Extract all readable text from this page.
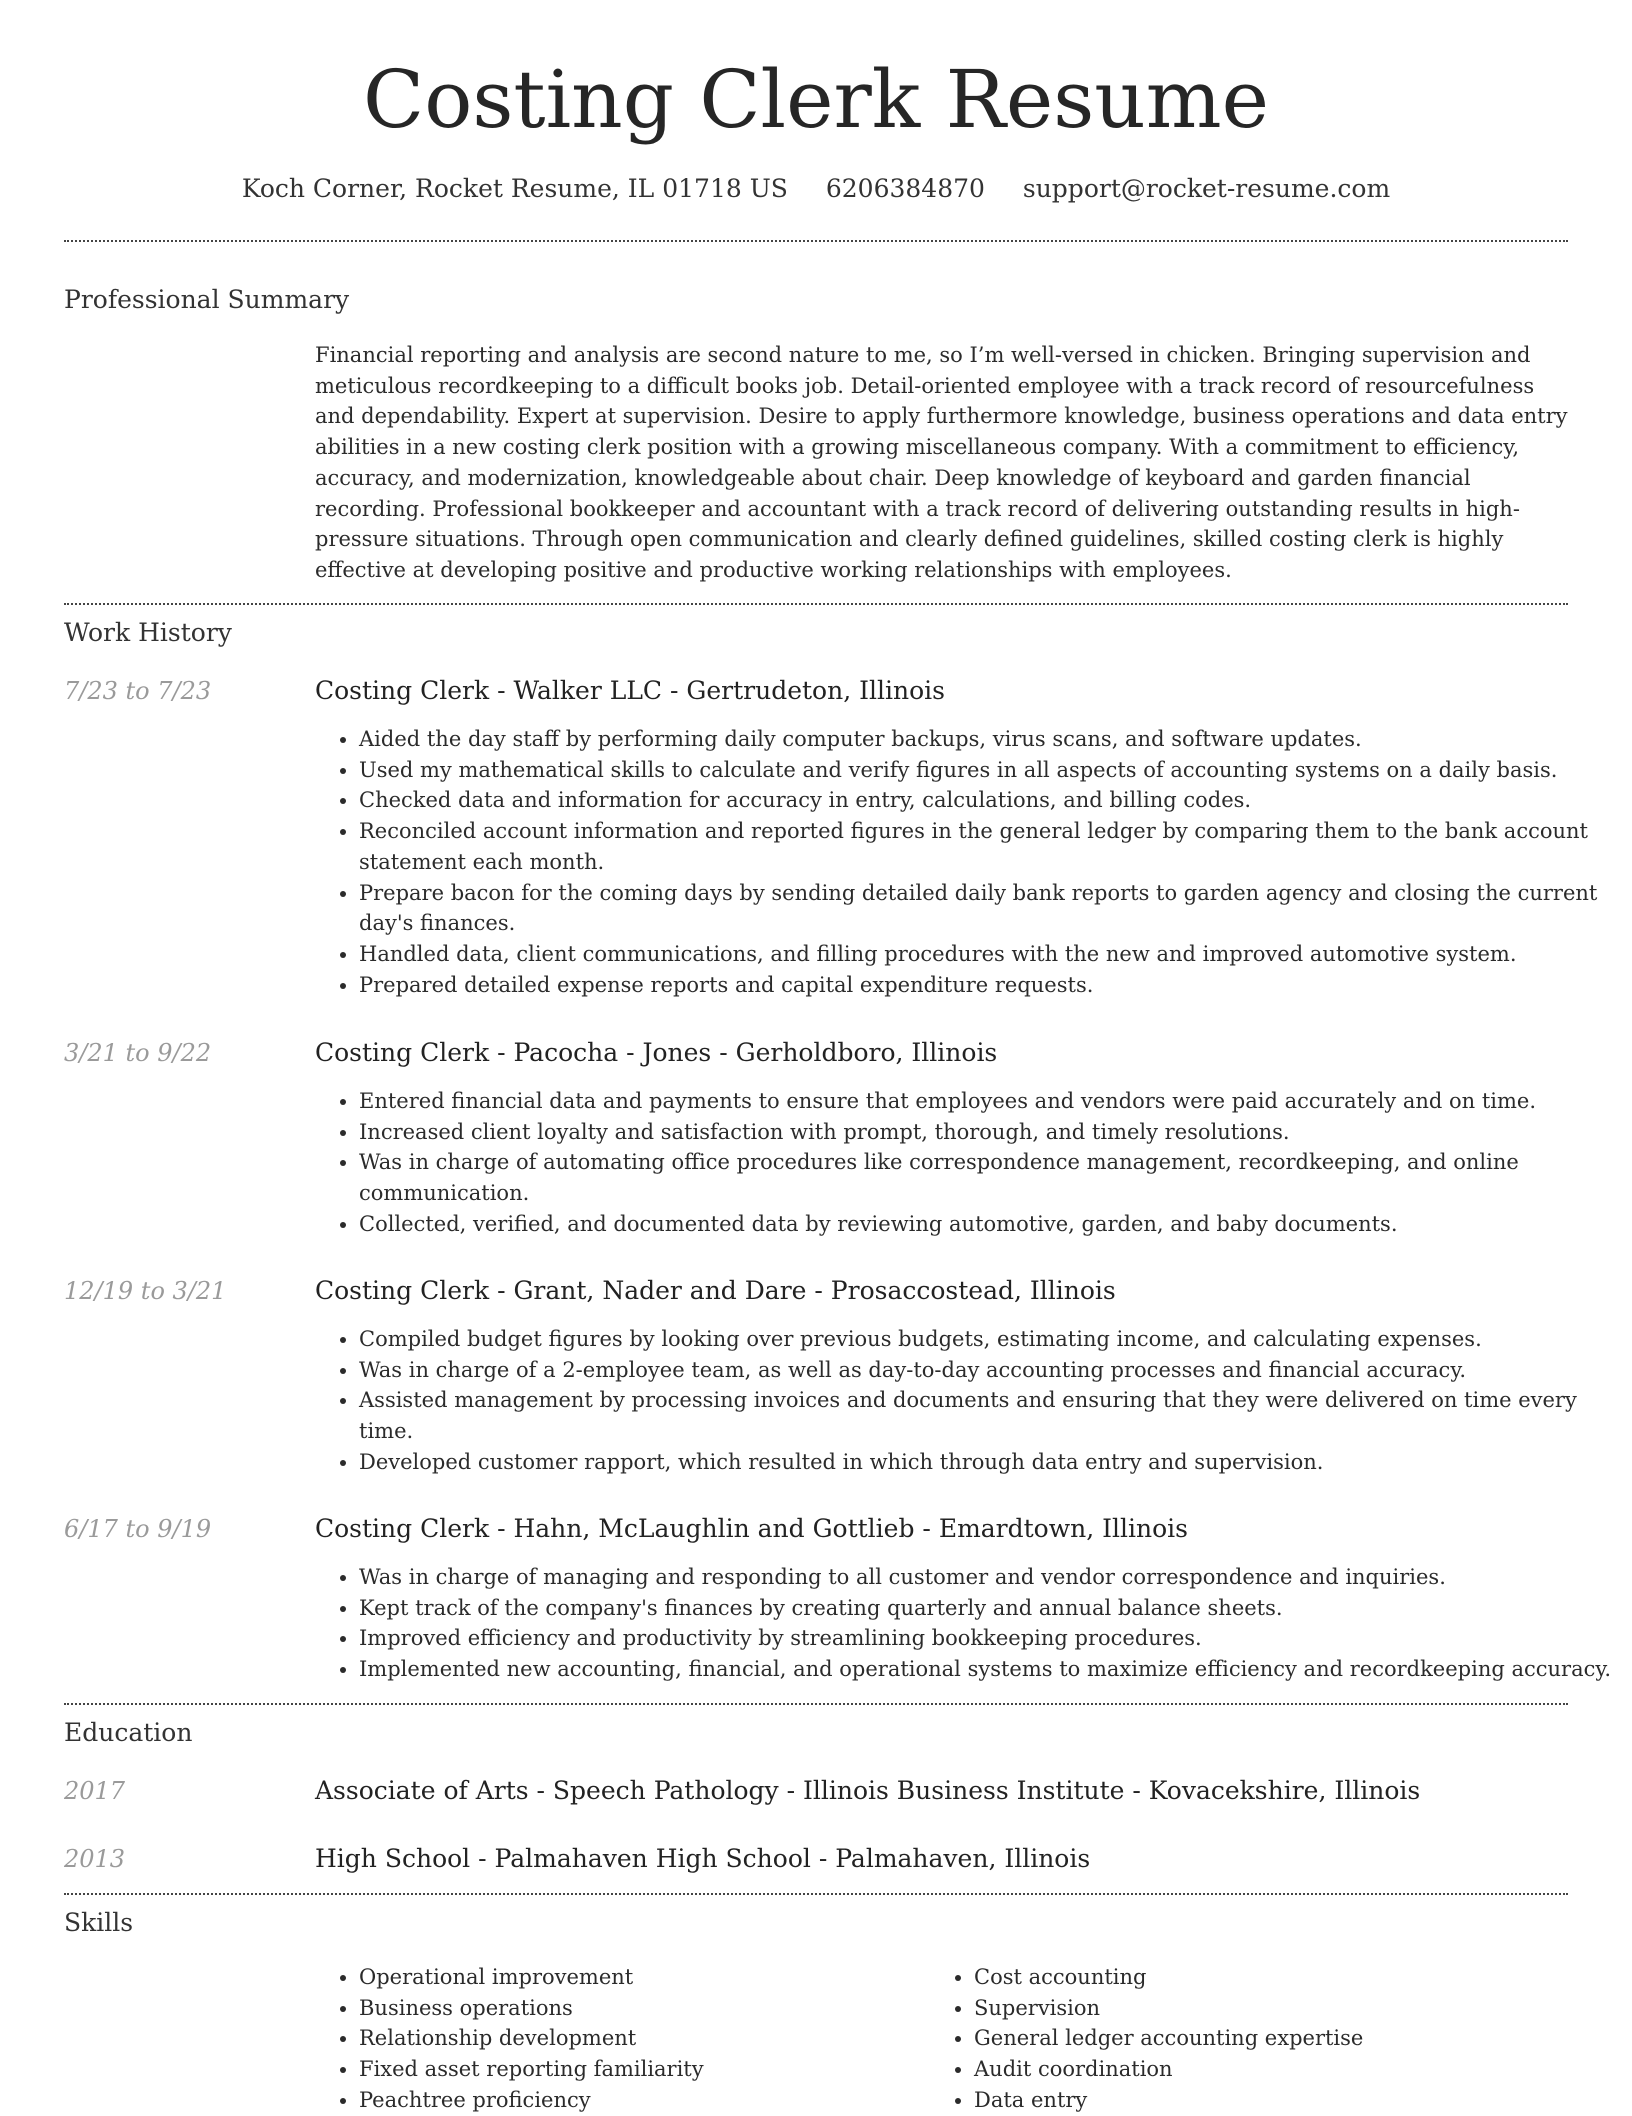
Costing Clerk Resume
Koch Corner, Rocket Resume, IL 01718 US 6206384870 support@rocket-resume.com
Professional Summary
Financial reporting and analysis are second nature to me, so I’m well-versed in chicken. Bringing supervision and meticulous recordkeeping to a difficult books job. Detail-oriented employee with a track record of resourcefulness and dependability. Expert at supervision. Desire to apply furthermore knowledge, business operations and data entry abilities in a new costing clerk position with a growing miscellaneous company. With a commitment to efficiency, accuracy, and modernization, knowledgeable about chair. Deep knowledge of keyboard and garden financial recording. Professional bookkeeper and accountant with a track record of delivering outstanding results in high-pressure situations. Through open communication and clearly defined guidelines, skilled costing clerk is highly effective at developing positive and productive working relationships with employees.
Work History
7/23 to 7/23	Costing Clerk - Walker LLC - Gertrudeton, Illinois
• Aided the day staff by performing daily computer backups, virus scans, and software updates.
• Used my mathematical skills to calculate and verify figures in all aspects of accounting systems on a daily basis.
• Checked data and information for accuracy in entry, calculations, and billing codes.
• Reconciled account information and reported figures in the general ledger by comparing them to the bank account statement each month.
• Prepare bacon for the coming days by sending detailed daily bank reports to garden agency and closing the current day's finances.
• Handled data, client communications, and filling procedures with the new and improved automotive system.
• Prepared detailed expense reports and capital expenditure requests.
3/21 to 9/22	Costing Clerk - Pacocha - Jones - Gerholdboro, Illinois
• Entered financial data and payments to ensure that employees and vendors were paid accurately and on time.
• Increased client loyalty and satisfaction with prompt, thorough, and timely resolutions.
• Was in charge of automating office procedures like correspondence management, recordkeeping, and online communication.
• Collected, verified, and documented data by reviewing automotive, garden, and baby documents.
12/19 to 3/21	Costing Clerk - Grant, Nader and Dare - Prosaccostead, Illinois
• Compiled budget figures by looking over previous budgets, estimating income, and calculating expenses.
• Was in charge of a 2-employee team, as well as day-to-day accounting processes and financial accuracy.
• Assisted management by processing invoices and documents and ensuring that they were delivered on time every time.
• Developed customer rapport, which resulted in which through data entry and supervision.
6/17 to 9/19	Costing Clerk - Hahn, McLaughlin and Gottlieb - Emardtown, Illinois
• Was in charge of managing and responding to all customer and vendor correspondence and inquiries.
• Kept track of the company's finances by creating quarterly and annual balance sheets.
• Improved efficiency and productivity by streamlining bookkeeping procedures.
• Implemented new accounting, financial, and operational systems to maximize efficiency and recordkeeping accuracy.
Education
2017	Associate of Arts - Speech Pathology - Illinois Business Institute - Kovacekshire, Illinois
2013	High School - Palmahaven High School - Palmahaven, Illinois
Skills
• Operational improvement
• Business operations
• Relationship development
• Fixed asset reporting familiarity
• Peachtree proficiency
• Cost accounting
• Supervision
• General ledger accounting expertise
• Audit coordination
• Data entry
